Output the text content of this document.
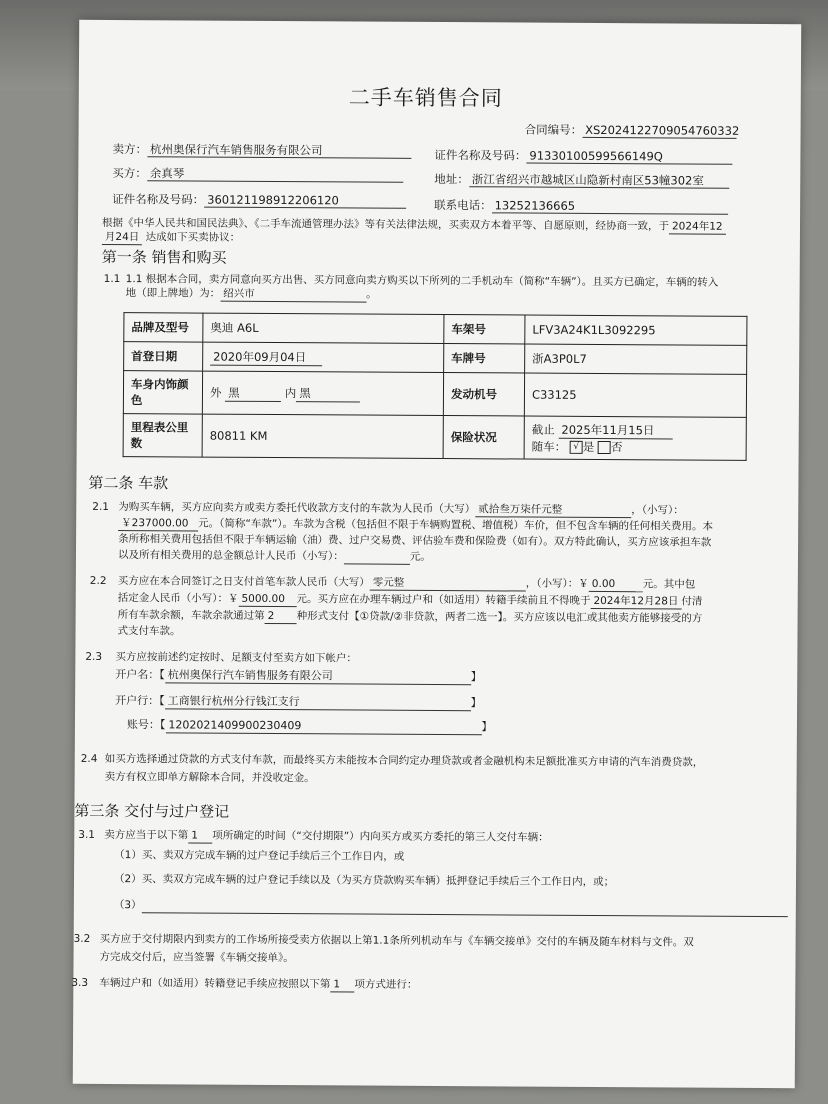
二手车销售合同
合同编号： XS20241227090547603​32
卖方： 杭州奥保行汽车销售服务有限公司	证件名称及号码： 91330100599566149Q
买方： 余真琴	地址： 浙江省绍兴市越城区山隐新村南区53幢302室
证件名称及号码： 360121198912206120	联系电话： 13252136665
根据《中华人民共和国民法典》、《二手车流通管理办法》等有关法律法规，买卖双方本着平等、自愿原则，经协商一致，于 2024年12
月24日 达成如下买卖协议：
第一条 销售和购买
1.1 1.1 根据本合同，卖方同意向买方出售、买方同意向卖方购买以下所列的二手机动车（简称“车辆”）。且买方已确定，车辆的转入
地（即上牌地）为： 绍兴市	。
品牌及型号	奥迪 A6L	车架号	LFV3A24K1L3092295
首登日期	2020年09月04日	车牌号	浙A3P0L7
车身内饰颜色	外 黑 内 黑	发动机号	C33125
里程表公里数	80811 KM	保险状况	截止 2025年11月15日
随车： √ 是 否
第二条 车款
2.1 为购买车辆，买方应向卖方或卖方委托代收款方支付的车款为人民币（大写） 贰拾叁万柒仟元整	，（小写）：
￥237000.00 元。（简称“车款”）。车款为含税（包括但不限于车辆购置税、增值税）车价，但不包含车辆的任何相关费用。本
条所称相关费用包括但不限于车辆运输（油）费、过户交易费、评估验车费和保险费（如有）。双方特此确认，买方应该承担车款
以及所有相关费用的总金额总计人民币（小写）：	元。
2.2 买方应在本合同签订之日支付首笔车款人民币（大写） 零元整	，（小写）：￥ 0.00	元。其中包
括定金人民币（小写）：￥ 5000.00 元。买方应在办理车辆过户和（如适用）转籍手续前且不得晚于 2024年12月28日 付清
所有车款余额，车款余款通过第 2 种形式支付【①贷款/②非贷款，两者二选一】。买方应该以电汇或其他卖方能够接受的方
式支付车款。
2.3 买方应按前述约定按时、足额支付至卖方如下帐户：
开户名：【 杭州奥保行汽车销售服务有限公司	】
开户行：【 工商银行杭州分行钱江支行	】
账号：【 1202021409900230409	】
2.4 如买方选择通过贷款的方式支付车款，而最终买方未能按本合同约定办理贷款或者金融机构未足额批准买方申请的汽车消费贷款，
卖方有权立即单方解除本合同，并没收定金。
第三条 交付与过户登记
3.1 卖方应当于以下第 1 项所确定的时间（“交付期限”）内向买方或买方委托的第三人交付车辆：
（1）买、卖双方完成车辆的过户登记手续后三个工作日内，或
（2）买、卖双方完成车辆的过户登记手续以及（为买方贷款购买车辆）抵押登记手续后三个工作日内，或；
（3）
3.2 买方应于交付期限内到卖方的工作场所接受卖方依据以上第1.1条所列机动车与《车辆交接单》交付的车辆及随车材料与文件。双
方完成交付后，应当签署《车辆交接单》。
3.3 车辆过户和（如适用）转籍登记手续应按照以下第 1 项方式进行：
